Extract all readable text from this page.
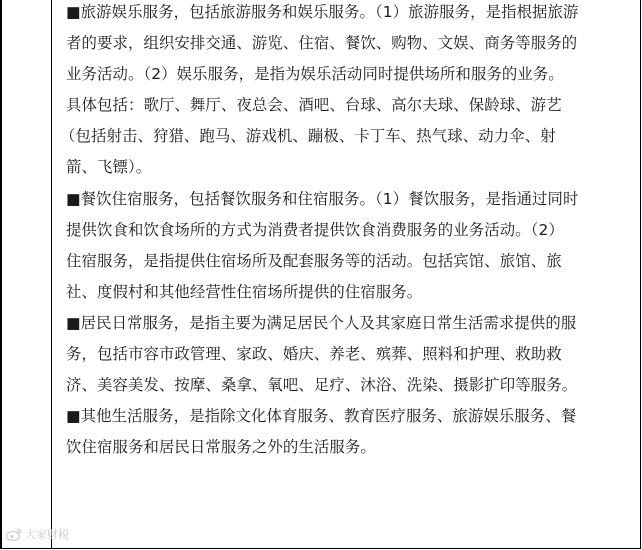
■旅游娱乐服务，包括旅游服务和娱乐服务。（1）旅游服务，是指根据旅游

者的要求，组织安排交通、游览、住宿、餐饮、购物、文娱、商务等服务的

业务活动。（2）娱乐服务，是指为娱乐活动同时提供场所和服务的业务。

具体包括：歌厅、舞厅、夜总会、酒吧、台球、高尔夫球、保龄球、游艺

（包括射击、狩猎、跑马、游戏机、蹦极、卡丁车、热气球、动力伞、射

箭、飞镖）。

■餐饮住宿服务，包括餐饮服务和住宿服务。（1）餐饮服务，是指通过同时

提供饮食和饮食场所的方式为消费者提供饮食消费服务的业务活动。（2）

住宿服务，是指提供住宿场所及配套服务等的活动。包括宾馆、旅馆、旅

社、度假村和其他经营性住宿场所提供的住宿服务。

■居民日常服务，是指主要为满足居民个人及其家庭日常生活需求提供的服

务，包括市容市政管理、家政、婚庆、养老、殡葬、照料和护理、救助救

济、美容美发、按摩、桑拿、氧吧、足疗、沐浴、洗染、摄影扩印等服务。

■其他生活服务，是指除文化体育服务、教育医疗服务、旅游娱乐服务、餐

饮住宿服务和居民日常服务之外的生活服务。

大家财税
